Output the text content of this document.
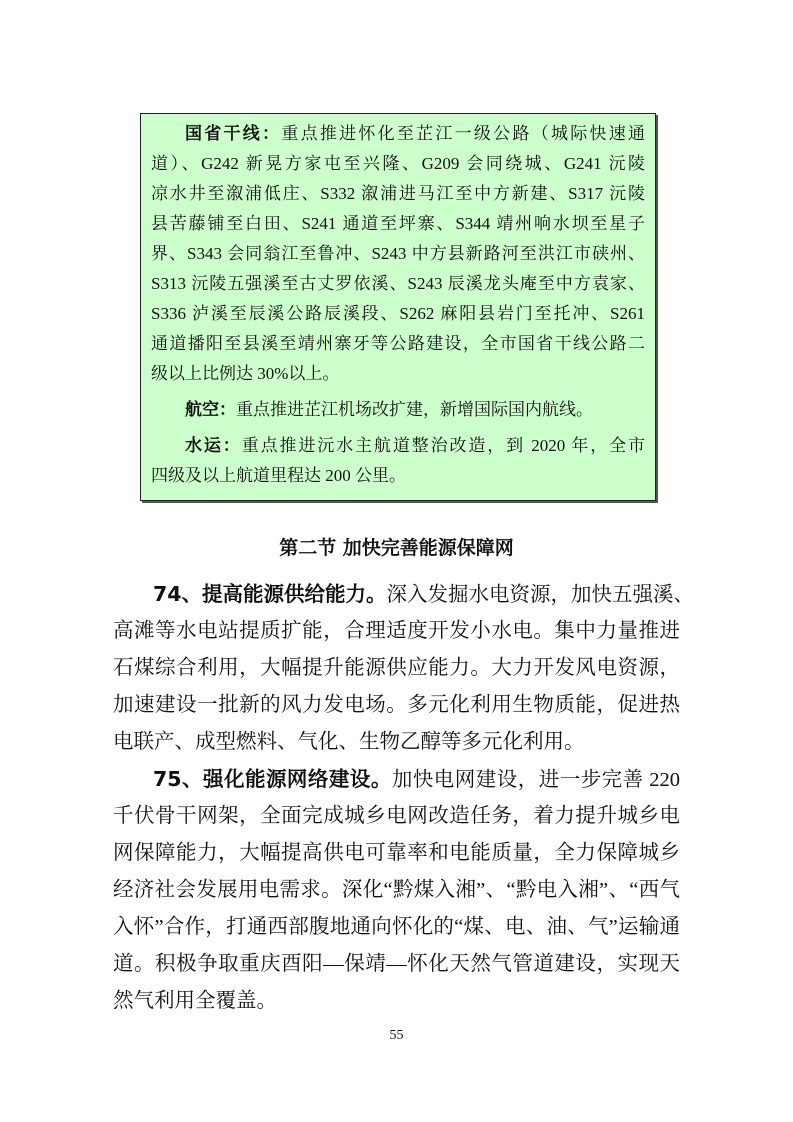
国省干线：重点推进怀化至芷江一级公路（城际快速通
道）、G242 新晃方家屯至兴隆、G209 会同绕城、G241 沅陵
凉水井至溆浦低庄、S332 溆浦进马江至中方新建、S317 沅陵
县苦藤铺至白田、S241 通道至坪寨、S344 靖州响水坝至星子
界、S343 会同翁江至鲁冲、S243 中方县新路河至洪江市硖州、
S313 沅陵五强溪至古丈罗依溪、S243 辰溪龙头庵至中方袁家、
S336 泸溪至辰溪公路辰溪段、S262 麻阳县岩门至托冲、S261
通道播阳至县溪至靖州寨牙等公路建设，全市国省干线公路二
级以上比例达 30%以上。
航空：重点推进芷江机场改扩建，新增国际国内航线。
水运：重点推进沅水主航道整治改造，到 2020 年，全市
四级及以上航道里程达 200 公里。
第二节 加快完善能源保障网
74、提高能源供给能力。深入发掘水电资源，加快五强溪、
高滩等水电站提质扩能，合理适度开发小水电。集中力量推进
石煤综合利用，大幅提升能源供应能力。大力开发风电资源，
加速建设一批新的风力发电场。多元化利用生物质能，促进热
电联产、成型燃料、气化、生物乙醇等多元化利用。
75、强化能源网络建设。加快电网建设，进一步完善 220
千伏骨干网架，全面完成城乡电网改造任务，着力提升城乡电
网保障能力，大幅提高供电可靠率和电能质量，全力保障城乡
经济社会发展用电需求。深化“黔煤入湘”、“黔电入湘”、“西气
入怀”合作，打通西部腹地通向怀化的“煤、电、油、气”运输通
道。积极争取重庆酉阳—保靖—怀化天然气管道建设，实现天
然气利用全覆盖。
55
